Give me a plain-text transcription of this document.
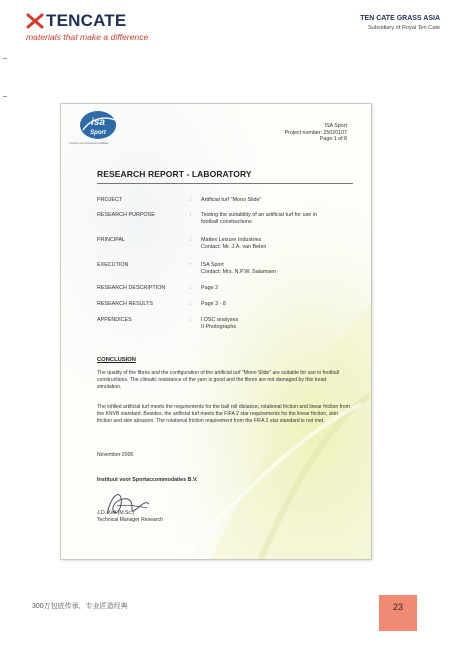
TENCATE
materials that make a difference
TEN CATE GRASS ASIA
Subsidiary of Royal Ten Cate
isa
Sport
institute voor sportaccommodaties
ISA Sport
Project number: 25020107
Page 1 of 8
RESEARCH REPORT - LABORATORY
PROJECT	: Artificial turf "Mono Slide"
RESEARCH PURPOSE	: Testing the suitability of an artificial turf for use in
football constructions
PRINCIPAL	: Mattex Leisure Industries
Contact: Mr. J.A. van Belen
EXECUTION	: ISA Sport
Contact: Mrs. N.P.W. Salamsen
RESEARCH DESCRIPTION	: Page 2
RESEARCH RESULTS	: Page 3 - 8
APPENDICES	: I DSC analyses
II Photographs
CONCLUSION

The quality of the fibres and the configuration of the artificial turf "Mono Slide" are suitable for use in football constructions. The climatic resistance of the yarn is good and the fibres are not damaged by this tread simulation.

The infilled artificial turf meets the requirements for the ball roll distance, rotational friction and linear friction from the KNVB standard. Besides, the artificial turf meets the FIFA 2 star requirements for the linear friction, skin friction and skin abrasion. The rotational friction requirement from the FIFA 2 star standard is not met.

November 2006
Instituut voor Sportaccommodaties B.V.
J.D. Kelt (M.Sc.)
Technical Manager Research
300万包底传承，专业匠造经典	23
